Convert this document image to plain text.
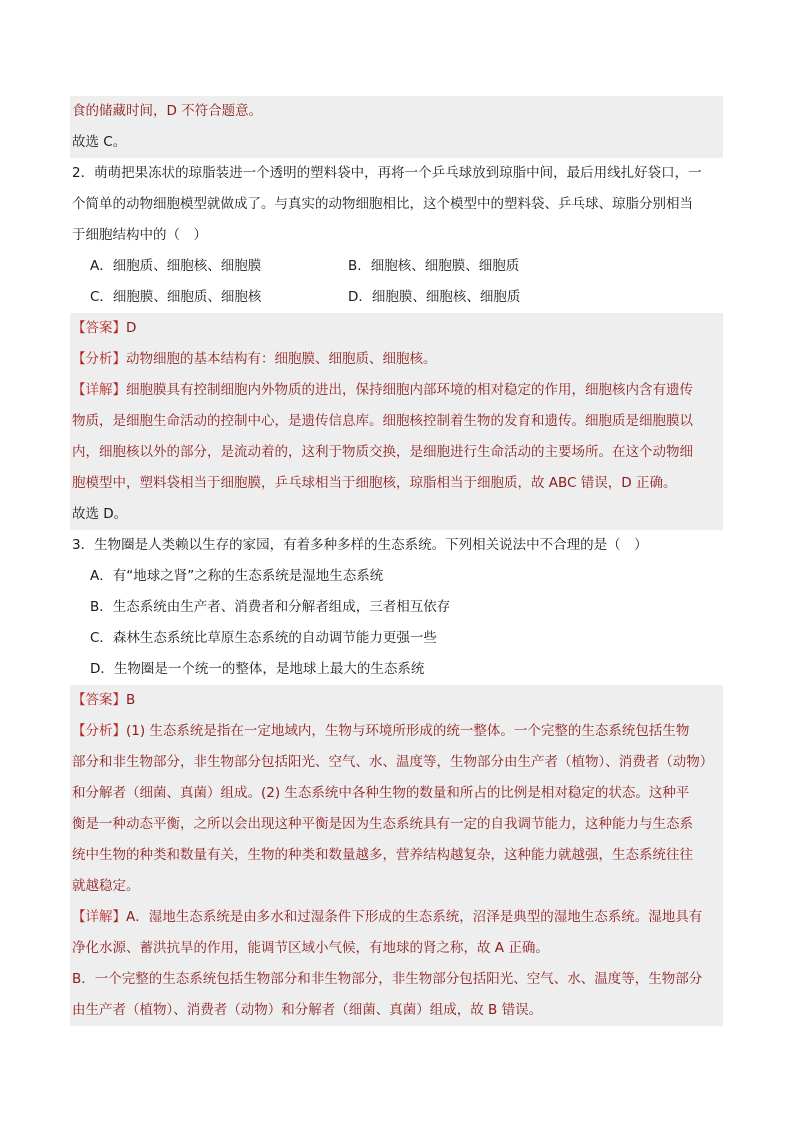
食的储藏时间，D 不符合题意。
故选 C。
2．萌萌把果冻状的琼脂装进一个透明的塑料袋中，再将一个乒乓球放到琼脂中间，最后用线扎好袋口，一
个简单的动物细胞模型就做成了。与真实的动物细胞相比，这个模型中的塑料袋、乒乓球、琼脂分别相当
于细胞结构中的（　）
A．细胞质、细胞核、细胞膜	B．细胞核、细胞膜、细胞质
C．细胞膜、细胞质、细胞核	D．细胞膜、细胞核、细胞质
【答案】D
【分析】动物细胞的基本结构有：细胞膜、细胞质、细胞核。
【详解】细胞膜具有控制细胞内外物质的进出，保持细胞内部环境的相对稳定的作用，细胞核内含有遗传
物质，是细胞生命活动的控制中心，是遗传信息库。细胞核控制着生物的发育和遗传。细胞质是细胞膜以
内，细胞核以外的部分，是流动着的，这利于物质交换，是细胞进行生命活动的主要场所。在这个动物细
胞模型中，塑料袋相当于细胞膜，乒乓球相当于细胞核，琼脂相当于细胞质，故 ABC 错误，D 正确。
故选 D。
3．生物圈是人类赖以生存的家园，有着多种多样的生态系统。下列相关说法中不合理的是（　）
A．有“地球之肾”之称的生态系统是湿地生态系统
B．生态系统由生产者、消费者和分解者组成，三者相互依存
C．森林生态系统比草原生态系统的自动调节能力更强一些
D．生物圈是一个统一的整体，是地球上最大的生态系统
【答案】B
【分析】(1) 生态系统是指在一定地域内，生物与环境所形成的统一整体。一个完整的生态系统包括生物
部分和非生物部分，非生物部分包括阳光、空气、水、温度等，生物部分由生产者（植物）、消费者（动物）
和分解者（细菌、真菌）组成。(2) 生态系统中各种生物的数量和所占的比例是相对稳定的状态。这种平
衡是一种动态平衡，之所以会出现这种平衡是因为生态系统具有一定的自我调节能力，这种能力与生态系
统中生物的种类和数量有关，生物的种类和数量越多，营养结构越复杂，这种能力就越强，生态系统往往
就越稳定。
【详解】A．湿地生态系统是由多水和过湿条件下形成的生态系统，沼泽是典型的湿地生态系统。湿地具有
净化水源、蓄洪抗旱的作用，能调节区域小气候，有地球的肾之称，故 A 正确。
B．一个完整的生态系统包括生物部分和非生物部分，非生物部分包括阳光、空气、水、温度等，生物部分
由生产者（植物）、消费者（动物）和分解者（细菌、真菌）组成，故 B 错误。
